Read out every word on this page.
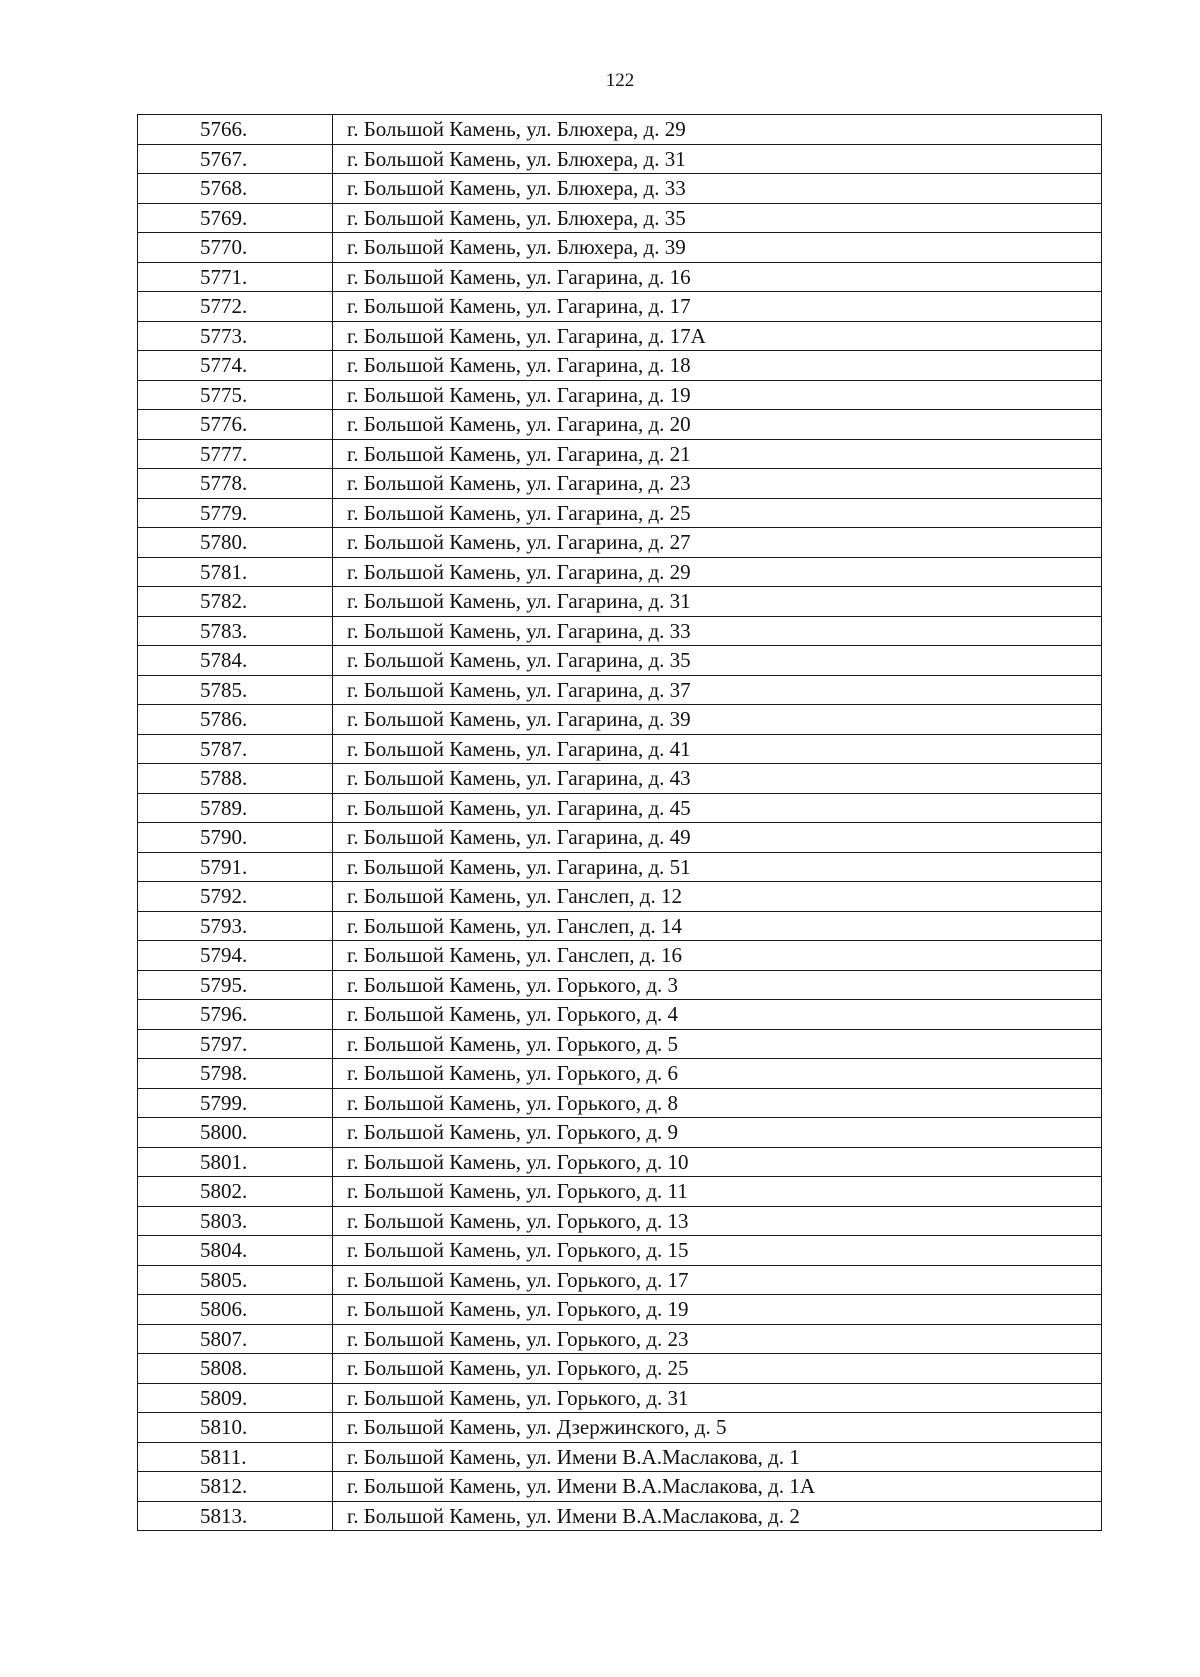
122
5766.	г. Большой Камень, ул. Блюхера, д. 29
5767.	г. Большой Камень, ул. Блюхера, д. 31
5768.	г. Большой Камень, ул. Блюхера, д. 33
5769.	г. Большой Камень, ул. Блюхера, д. 35
5770.	г. Большой Камень, ул. Блюхера, д. 39
5771.	г. Большой Камень, ул. Гагарина, д. 16
5772.	г. Большой Камень, ул. Гагарина, д. 17
5773.	г. Большой Камень, ул. Гагарина, д. 17А
5774.	г. Большой Камень, ул. Гагарина, д. 18
5775.	г. Большой Камень, ул. Гагарина, д. 19
5776.	г. Большой Камень, ул. Гагарина, д. 20
5777.	г. Большой Камень, ул. Гагарина, д. 21
5778.	г. Большой Камень, ул. Гагарина, д. 23
5779.	г. Большой Камень, ул. Гагарина, д. 25
5780.	г. Большой Камень, ул. Гагарина, д. 27
5781.	г. Большой Камень, ул. Гагарина, д. 29
5782.	г. Большой Камень, ул. Гагарина, д. 31
5783.	г. Большой Камень, ул. Гагарина, д. 33
5784.	г. Большой Камень, ул. Гагарина, д. 35
5785.	г. Большой Камень, ул. Гагарина, д. 37
5786.	г. Большой Камень, ул. Гагарина, д. 39
5787.	г. Большой Камень, ул. Гагарина, д. 41
5788.	г. Большой Камень, ул. Гагарина, д. 43
5789.	г. Большой Камень, ул. Гагарина, д. 45
5790.	г. Большой Камень, ул. Гагарина, д. 49
5791.	г. Большой Камень, ул. Гагарина, д. 51
5792.	г. Большой Камень, ул. Ганслеп, д. 12
5793.	г. Большой Камень, ул. Ганслеп, д. 14
5794.	г. Большой Камень, ул. Ганслеп, д. 16
5795.	г. Большой Камень, ул. Горького, д. 3
5796.	г. Большой Камень, ул. Горького, д. 4
5797.	г. Большой Камень, ул. Горького, д. 5
5798.	г. Большой Камень, ул. Горького, д. 6
5799.	г. Большой Камень, ул. Горького, д. 8
5800.	г. Большой Камень, ул. Горького, д. 9
5801.	г. Большой Камень, ул. Горького, д. 10
5802.	г. Большой Камень, ул. Горького, д. 11
5803.	г. Большой Камень, ул. Горького, д. 13
5804.	г. Большой Камень, ул. Горького, д. 15
5805.	г. Большой Камень, ул. Горького, д. 17
5806.	г. Большой Камень, ул. Горького, д. 19
5807.	г. Большой Камень, ул. Горького, д. 23
5808.	г. Большой Камень, ул. Горького, д. 25
5809.	г. Большой Камень, ул. Горького, д. 31
5810.	г. Большой Камень, ул. Дзержинского, д. 5
5811.	г. Большой Камень, ул. Имени В.А.Маслакова, д. 1
5812.	г. Большой Камень, ул. Имени В.А.Маслакова, д. 1А
5813.	г. Большой Камень, ул. Имени В.А.Маслакова, д. 2
